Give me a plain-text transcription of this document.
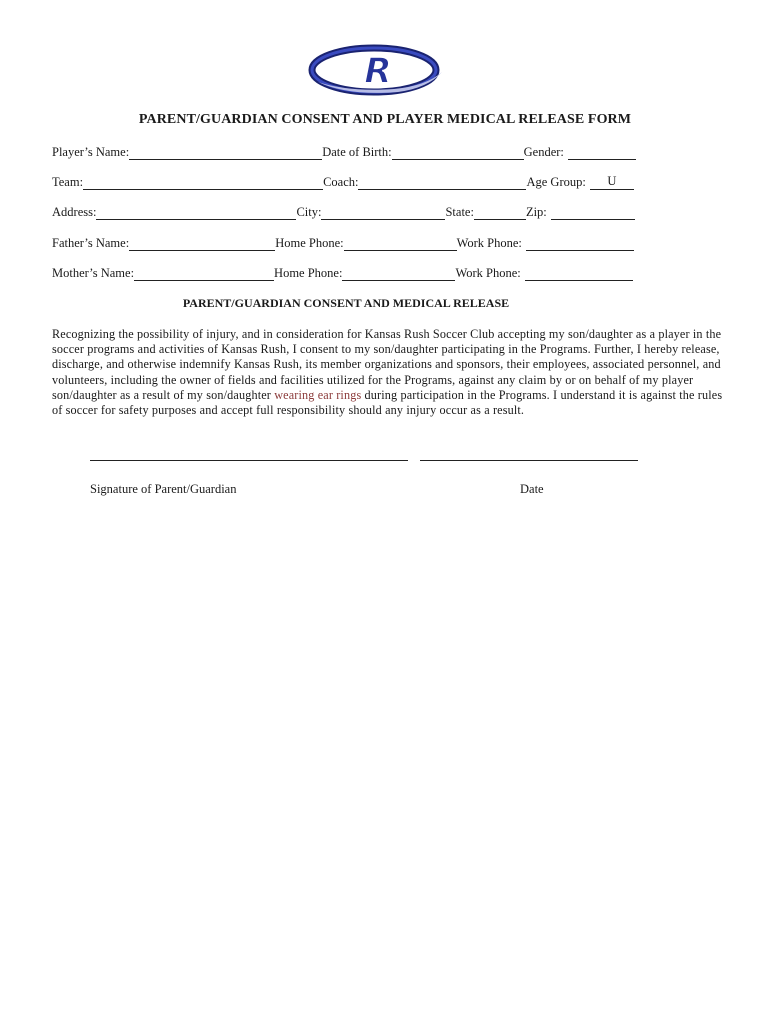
R
PARENT/GUARDIAN CONSENT AND PLAYER MEDICAL RELEASE FORM
Player’s Name:	Date of Birth:	Gender:
Team:	Coach:	Age Group:	U
Address:	City:	State:	Zip:
Father’s Name:	Home Phone:	Work Phone:
Mother’s Name:	Home Phone:	Work Phone:
PARENT/GUARDIAN CONSENT AND MEDICAL RELEASE
Recognizing the possibility of injury, and in consideration for Kansas Rush Soccer Club accepting my son/daughter as a player in the soccer programs and activities of Kansas Rush, I consent to my son/daughter participating in the Programs. Further, I hereby release, discharge, and otherwise indemnify Kansas Rush, its member organizations and sponsors, their employees, associated personnel, and volunteers, including the owner of fields and facilities utilized for the Programs, against any claim by or on behalf of my player son/daughter as a result of my son/daughter wearing ear rings during participation in the Programs. I understand it is against the rules of soccer for safety purposes and accept full responsibility should any injury occur as a result.
Signature of Parent/Guardian	Date
